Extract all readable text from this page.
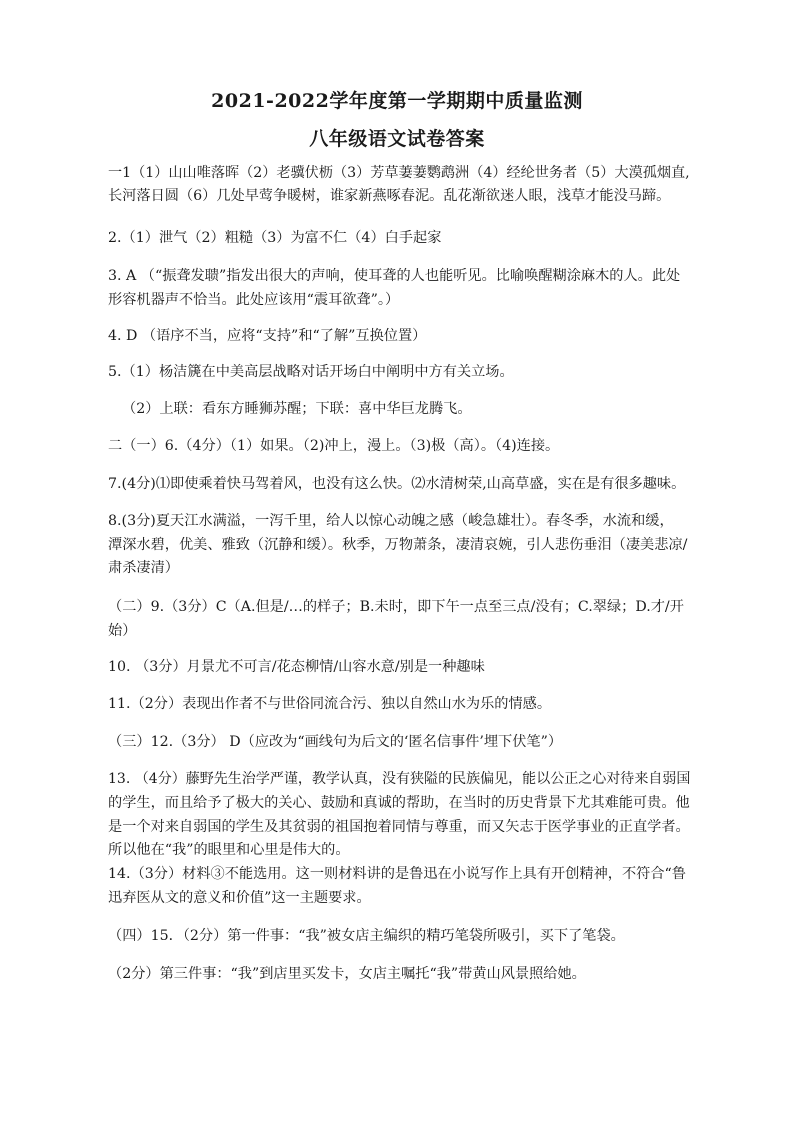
2021-2022学年度第一学期期中质量监测
八年级语文试卷答案
一1（1）山山唯落晖（2）老骥伏枥（3）芳草萋萋鹦鹉洲（4）经纶世务者（5）大漠孤烟直,
长河落日圆（6）几处早莺争暖树，谁家新燕啄春泥。乱花渐欲迷人眼，浅草才能没马蹄。
2.（1）泄气（2）粗糙（3）为富不仁（4）白手起家
3. A （“振聋发聩”指发出很大的声响，使耳聋的人也能听见。比喻唤醒糊涂麻木的人。此处
形容机器声不恰当。此处应该用“震耳欲聋”。）
4. D （语序不当，应将“支持”和“了解”互换位置）
5.（1）杨洁篪在中美高层战略对话开场白中阐明中方有关立场。
（2）上联：看东方睡狮苏醒；下联：喜中华巨龙腾飞。
二（一）6.（4分）（1）如果。（2)冲上，漫上。（3)极（高）。（4)连接。
7.(4分)⑴即使乘着快马驾着风，也没有这么快。⑵水清树荣,山高草盛，实在是有很多趣味。
8.(3分)夏天江水满溢，一泻千里，给人以惊心动魄之感（峻急雄壮）。春冬季，水流和缓，
潭深水碧，优美、雅致（沉静和缓）。秋季，万物萧条，凄清哀婉，引人悲伤垂泪（凄美悲凉/
肃杀凄清）
（二）9.（3分）C（A.但是/…的样子；B.未时，即下午一点至三点/没有；C.翠绿；D.才/开
始）
10. （3分）月景尤不可言/花态柳情/山容水意/别是一种趣味
11.（2分）表现出作者不与世俗同流合污、独以自然山水为乐的情感。
（三）12.（3分） D（应改为“画线句为后文的‘匿名信事件’埋下伏笔”）
13. （4分）藤野先生治学严谨，教学认真，没有狭隘的民族偏见，能以公正之心对待来自弱国
的学生，而且给予了极大的关心、鼓励和真诚的帮助，在当时的历史背景下尤其难能可贵。他
是一个对来自弱国的学生及其贫弱的祖国抱着同情与尊重，而又矢志于医学事业的正直学者。
所以他在“我”的眼里和心里是伟大的。
14.（3分）材料③不能选用。这一则材料讲的是鲁迅在小说写作上具有开创精神，不符合“鲁
迅弃医从文的意义和价值”这一主题要求。
（四）15．（2分）第一件事：“我”被女店主编织的精巧笔袋所吸引，买下了笔袋。
（2分）第三件事：“我”到店里买发卡，女店主嘱托“我”带黄山风景照给她。
